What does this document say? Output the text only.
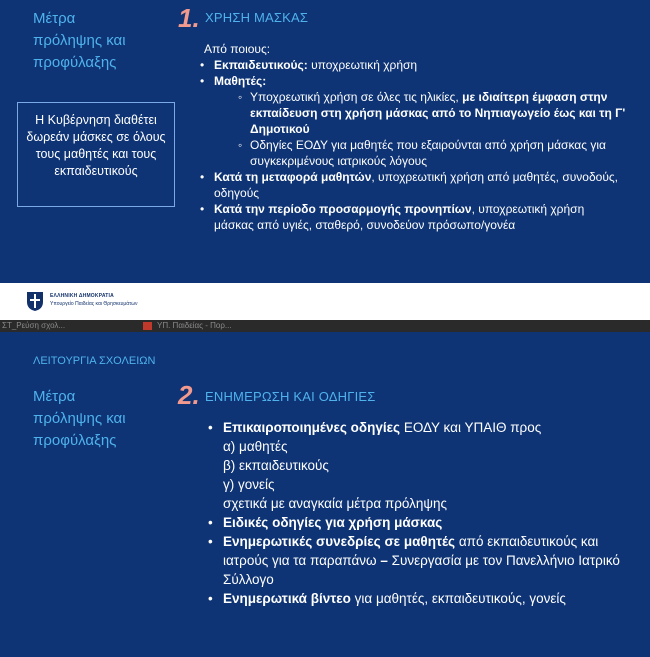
Μέτρα
πρόληψης και
προφύλαξης
1. ΧΡΗΣΗ ΜΑΣΚΑΣ
Από ποιους:
• Εκπαιδευτικούς: υποχρεωτική χρήση
• Μαθητές:
◦ Υποχρεωτική χρήση σε όλες τις ηλικίες, με ιδιαίτερη έμφαση στην εκπαίδευση στη χρήση μάσκας από το Νηπιαγωγείο έως και τη Γ' Δημοτικού
◦ Οδηγίες ΕΟΔΥ για μαθητές που εξαιρούνται από χρήση μάσκας για συγκεκριμένους ιατρικούς λόγους
• Κατά τη μεταφορά μαθητών, υποχρεωτική χρήση από μαθητές, συνοδούς, οδηγούς
• Κατά την περίοδο προσαρμογής προνηπίων, υποχρεωτική χρήση μάσκας από υγιές, σταθερό, συνοδεύον πρόσωπο/γονέα
Η Κυβέρνηση διαθέτει δωρεάν μάσκες σε όλους τους μαθητές και τους εκπαιδευτικούς
ΕΛΛΗΝΙΚΗ ΔΗΜΟΚΡΑΤΙΑ
Υπουργείο Παιδείας και Θρησκευμάτων
ΣΤ_Ρεύση σχολ...	ΥΠ. Παιδείας - Πορ...
Μέτρα
πρόληψης και
προφύλαξης
2. ΕΝΗΜΕΡΩΣΗ ΚΑΙ ΟΔΗΓΙΕΣ
• Επικαιροποιημένες οδηγίες ΕΟΔΥ και ΥΠΑΙΘ προς
α) μαθητές
β) εκπαιδευτικούς
γ) γονείς
σχετικά με αναγκαία μέτρα πρόληψης
• Ειδικές οδηγίες για χρήση μάσκας
• Ενημερωτικές συνεδρίες σε μαθητές από εκπαιδευτικούς και ιατρούς για τα παραπάνω – Συνεργασία με τον Πανελλήνιο Ιατρικό Σύλλογο
• Ενημερωτικά βίντεο για μαθητές, εκπαιδευτικούς, γονείς
ΛΕΙΤΟΥΡΓΙΑ ΣΧΟΛΕΙΩΝ
